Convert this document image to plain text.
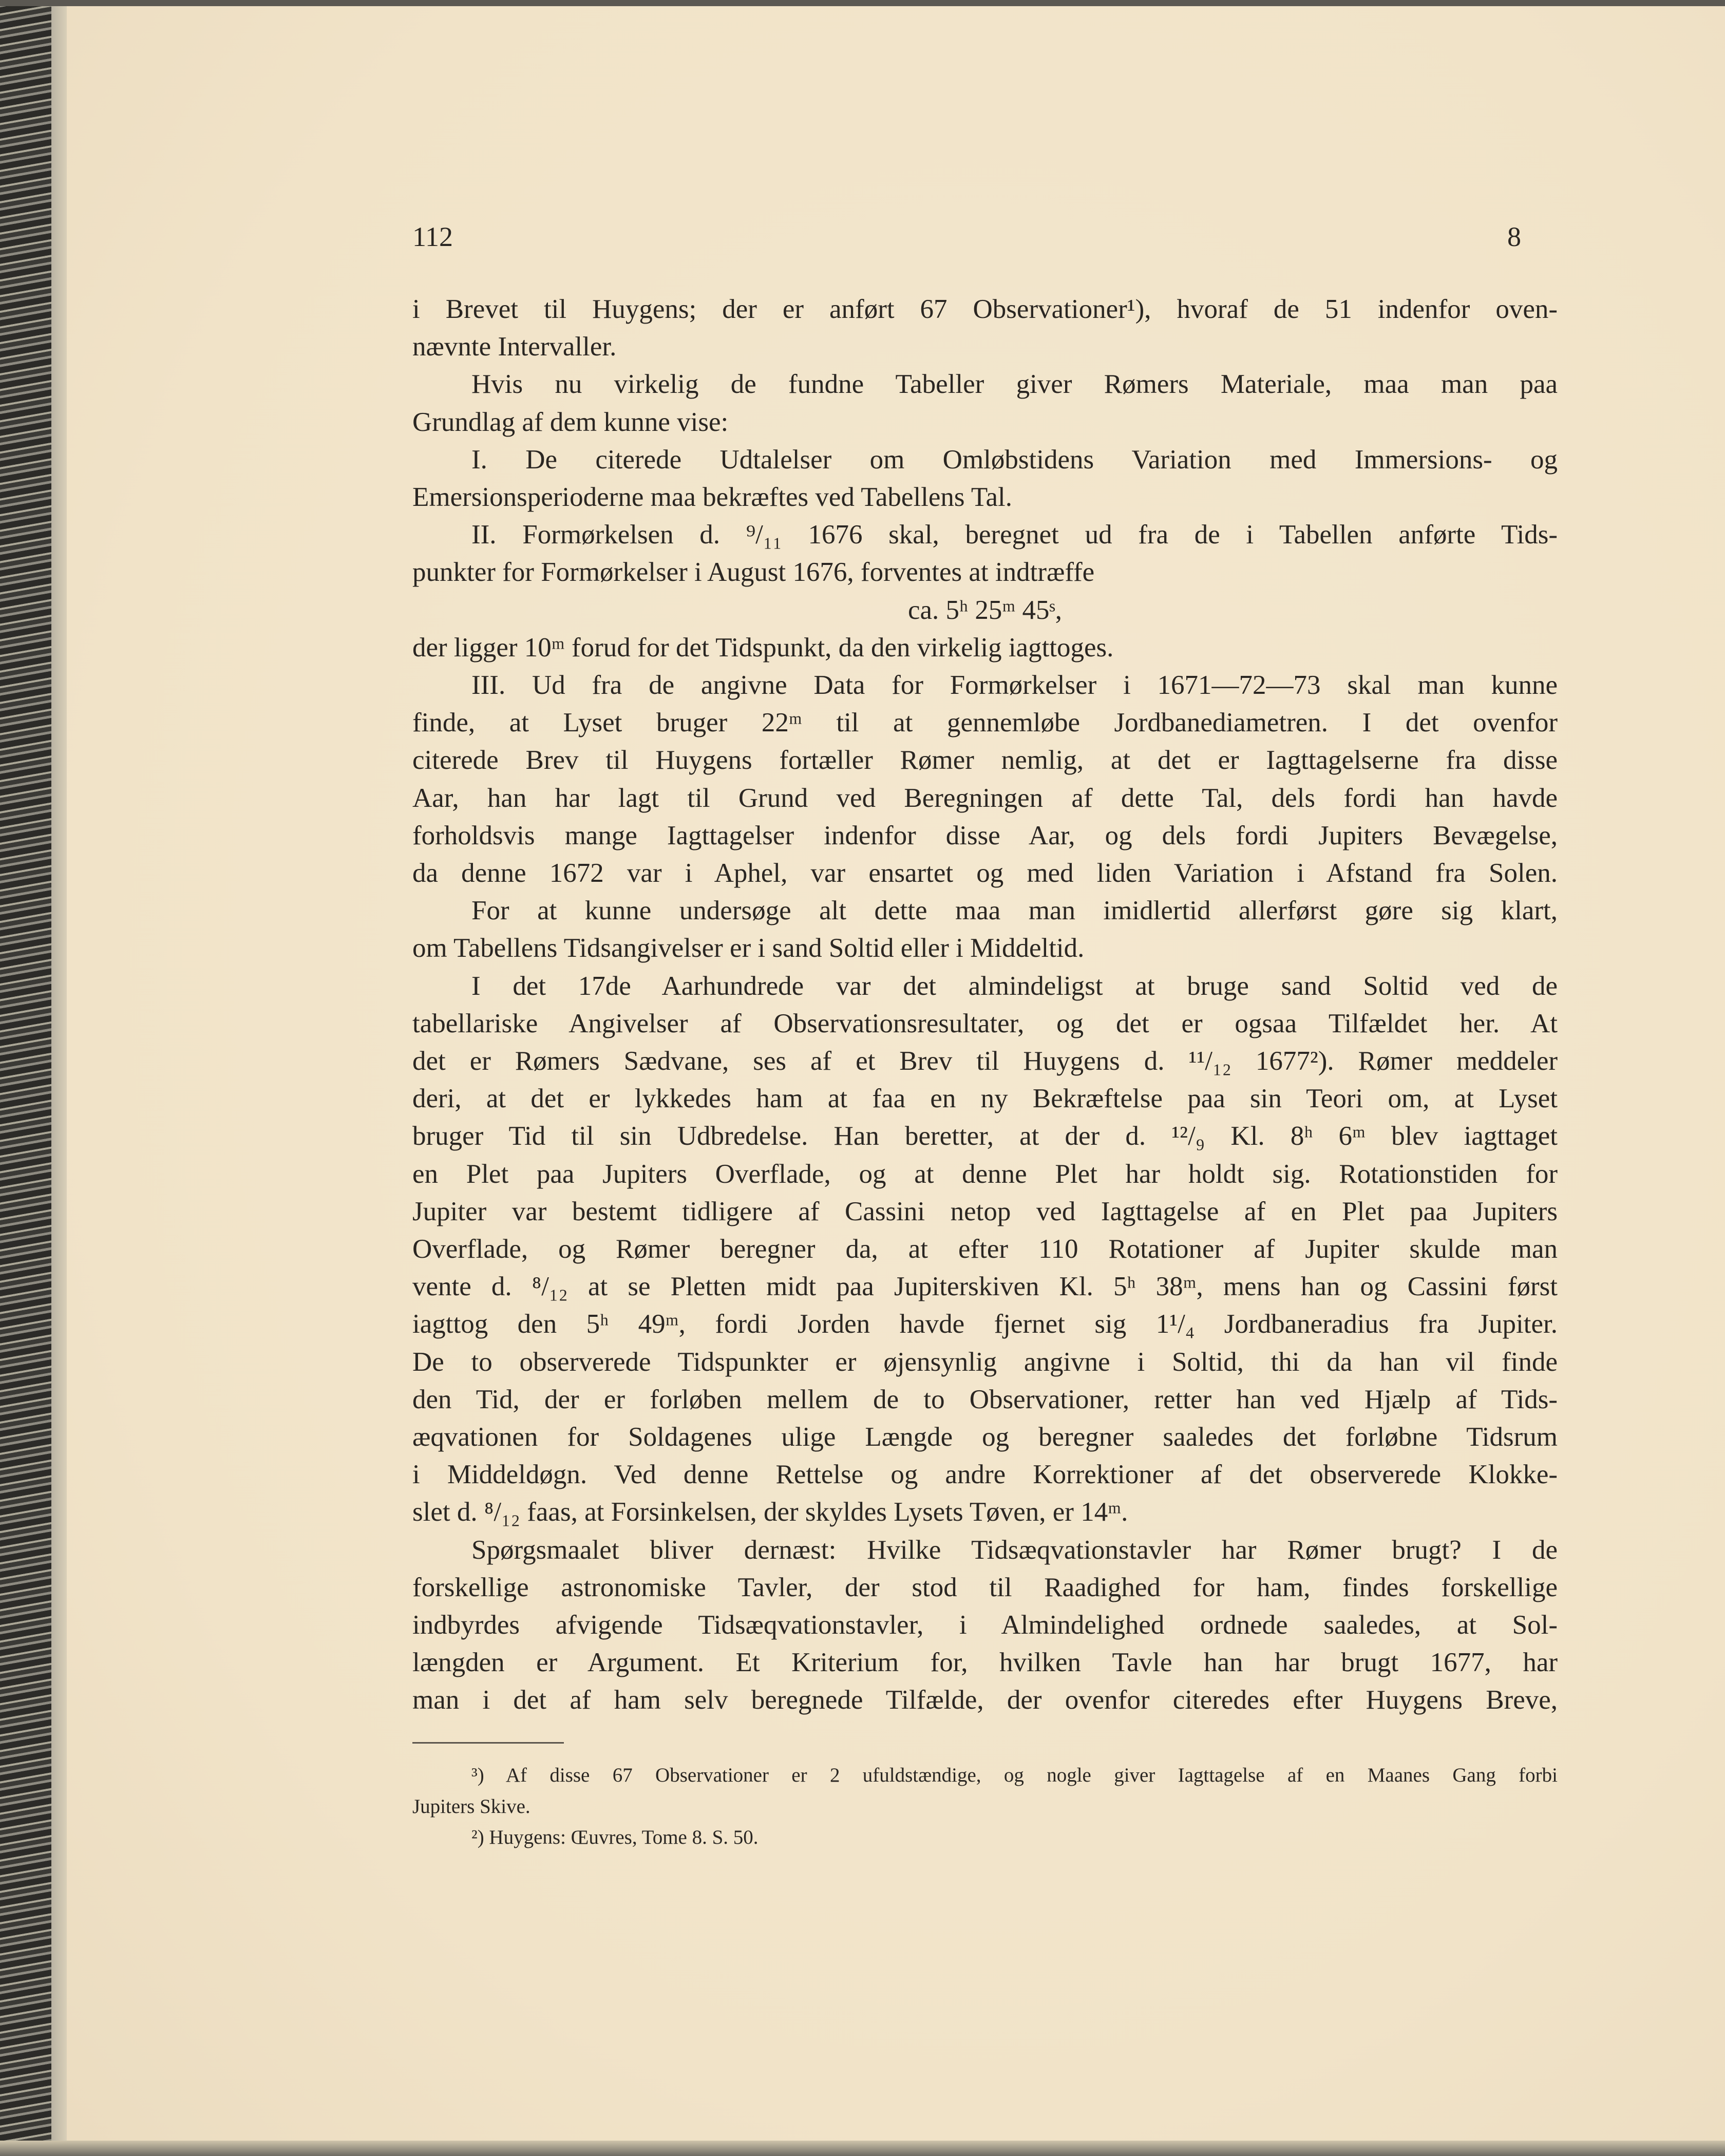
112	8
i Brevet til Huygens; der er anført 67 Observationer¹), hvoraf de 51 indenfor oven-
nævnte Intervaller.
Hvis nu virkelig de fundne Tabeller giver Rømers Materiale, maa man paa
Grundlag af dem kunne vise:
I. De citerede Udtalelser om Omløbstidens Variation med Immersions- og
Emersionsperioderne maa bekræftes ved Tabellens Tal.
II. Formørkelsen d. ⁹/₁₁ 1676 skal, beregnet ud fra de i Tabellen anførte Tids-
punkter for Formørkelser i August 1676, forventes at indtræffe
ca. 5ʰ 25ᵐ 45ˢ,
der ligger 10ᵐ forud for det Tidspunkt, da den virkelig iagttoges.
III. Ud fra de angivne Data for Formørkelser i 1671—72—73 skal man kunne
finde, at Lyset bruger 22ᵐ til at gennemløbe Jordbanediametren. I det ovenfor
citerede Brev til Huygens fortæller Rømer nemlig, at det er Iagttagelserne fra disse
Aar, han har lagt til Grund ved Beregningen af dette Tal, dels fordi han havde
forholdsvis mange Iagttagelser indenfor disse Aar, og dels fordi Jupiters Bevægelse,
da denne 1672 var i Aphel, var ensartet og med liden Variation i Afstand fra Solen.
For at kunne undersøge alt dette maa man imidlertid allerførst gøre sig klart,
om Tabellens Tidsangivelser er i sand Soltid eller i Middeltid.
I det 17de Aarhundrede var det almindeligst at bruge sand Soltid ved de
tabellariske Angivelser af Observationsresultater, og det er ogsaa Tilfældet her. At
det er Rømers Sædvane, ses af et Brev til Huygens d. ¹¹/₁₂ 1677²). Rømer meddeler
deri, at det er lykkedes ham at faa en ny Bekræftelse paa sin Teori om, at Lyset
bruger Tid til sin Udbredelse. Han beretter, at der d. ¹²/₉ Kl. 8ʰ 6ᵐ blev iagttaget
en Plet paa Jupiters Overflade, og at denne Plet har holdt sig. Rotationstiden for
Jupiter var bestemt tidligere af Cassini netop ved Iagttagelse af en Plet paa Jupiters
Overflade, og Rømer beregner da, at efter 110 Rotationer af Jupiter skulde man
vente d. ⁸/₁₂ at se Pletten midt paa Jupiterskiven Kl. 5ʰ 38ᵐ, mens han og Cassini først
iagttog den 5ʰ 49ᵐ, fordi Jorden havde fjernet sig 1¹/₄ Jordbaneradius fra Jupiter.
De to observerede Tidspunkter er øjensynlig angivne i Soltid, thi da han vil finde
den Tid, der er forløben mellem de to Observationer, retter han ved Hjælp af Tids-
æqvationen for Soldagenes ulige Længde og beregner saaledes det forløbne Tidsrum
i Middeldøgn. Ved denne Rettelse og andre Korrektioner af det observerede Klokke-
slet d. ⁸/₁₂ faas, at Forsinkelsen, der skyldes Lysets Tøven, er 14ᵐ.
Spørgsmaalet bliver dernæst: Hvilke Tidsæqvationstavler har Rømer brugt? I de
forskellige astronomiske Tavler, der stod til Raadighed for ham, findes forskellige
indbyrdes afvigende Tidsæqvationstavler, i Almindelighed ordnede saaledes, at Sol-
længden er Argument. Et Kriterium for, hvilken Tavle han har brugt 1677, har
man i det af ham selv beregnede Tilfælde, der ovenfor citeredes efter Huygens Breve,
³) Af disse 67 Observationer er 2 ufuldstændige, og nogle giver Iagttagelse af en Maanes Gang forbi
Jupiters Skive.
²) Huygens: Œuvres, Tome 8. S. 50.
